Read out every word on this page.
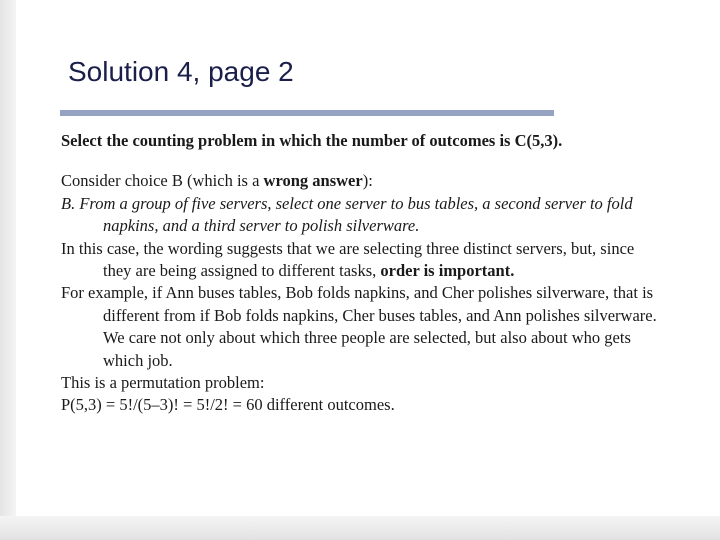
Solution 4, page 2

Select the counting problem in which the number of outcomes is C(5,3).

Consider choice B (which is a wrong answer):

B. From a group of five servers, select one server to bus tables, a second server to fold napkins, and a third server to polish silverware.

In this case, the wording suggests that we are selecting three distinct servers, but, since they are being assigned to different tasks, order is important.

For example, if Ann buses tables, Bob folds napkins, and Cher polishes silverware, that is different from if Bob folds napkins, Cher buses tables, and Ann polishes silverware. We care not only about which three people are selected, but also about who gets which job.

This is a permutation problem:

P(5,3) = 5!/(5–3)! = 5!/2! = 60 different outcomes.
